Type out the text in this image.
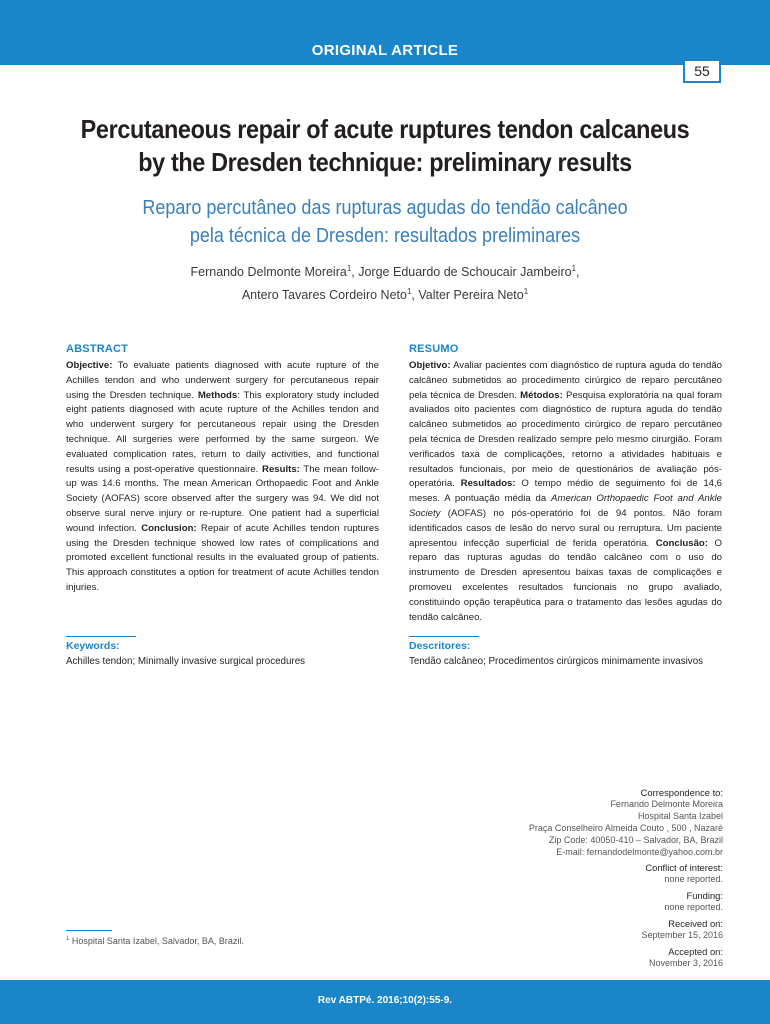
ORIGINAL ARTICLE
55
Percutaneous repair of acute ruptures tendon calcaneus
by the Dresden technique: preliminary results
Reparo percutâneo das rupturas agudas do tendão calcâneo
pela técnica de Dresden: resultados preliminares
Fernando Delmonte Moreira$^1$, Jorge Eduardo de Schoucair Jambeiro$^1$,
Antero Tavares Cordeiro Neto$^1$, Valter Pereira Neto$^1$
ABSTRACT

Objective: To evaluate patients diagnosed with acute rupture of the Achilles tendon and who underwent surgery for percutaneous repair using the Dresden technique. Methods: This exploratory study included eight patients diagnosed with acute rupture of the Achilles tendon and who underwent surgery for percutaneous repair using the Dresden technique. All surgeries were performed by the same surgeon. We evaluated complication rates, return to daily activities, and functional results using a post-operative questionnaire. Results: The mean follow-up was 14.6 months. The mean American Orthopaedic Foot and Ankle Society (AOFAS) score observed after the surgery was 94. We did not observe sural nerve injury or re-rupture. One patient had a superficial wound infection. Conclusion: Repair of acute Achilles tendon ruptures using the Dresden technique showed low rates of complications and promoted excellent functional results in the evaluated group of patients. This approach constitutes a option for treatment of acute Achilles tendon injuries.

RESUMO

Objetivo: Avaliar pacientes com diagnóstico de ruptura aguda do tendão calcâneo submetidos ao procedimento cirúrgico de reparo percutâneo pela técnica de Dresden. Métodos: Pesquisa exploratória na qual foram avaliados oito pacientes com diagnóstico de ruptura aguda do tendão calcâneo submetidos ao procedimento cirúrgico de reparo percutâneo pela técnica de Dresden realizado sempre pelo mesmo cirurgião. Foram verificados taxa de complicações, retorno a atividades habituais e resultados funcionais, por meio de questionários de avaliação pós-operatória. Resultados: O tempo médio de seguimento foi de 14,6 meses. A pontuação média da American Orthopaedic Foot and Ankle Society (AOFAS) no pós-operatório foi de 94 pontos. Não foram identificados casos de lesão do nervo sural ou rerruptura. Um paciente apresentou infecção superficial de ferida operatória. Conclusão: O reparo das rupturas agudas do tendão calcâneo com o uso do instrumento de Dresden apresentou baixas taxas de complicações e promoveu excelentes resultados funcionais no grupo avaliado, constituindo opção terapêutica para o tratamento das lesões agudas do tendão calcâneo.

Keywords:
Achilles tendon; Minimally invasive surgical procedures
Descritores:
Tendão calcâneo; Procedimentos cirúrgicos minimamente invasivos
Correspondence to:
Fernando Delmonte Moreira
Hospital Santa Izabel
Praça Conselheiro Almeida Couto , 500 , Nazaré
Zip Code: 40050-410 – Salvador, BA, Brazil
E-mail: fernandodelmonte@yahoo.com.br
Conflict of interest:
none reported.
Funding:
none reported.
Received on:
September 15, 2016
Accepted on:
November 3, 2016
$^1$ Hospital Santa Izabel, Salvador, BA, Brazil.
Rev ABTPé. 2016;10(2):55-9.
